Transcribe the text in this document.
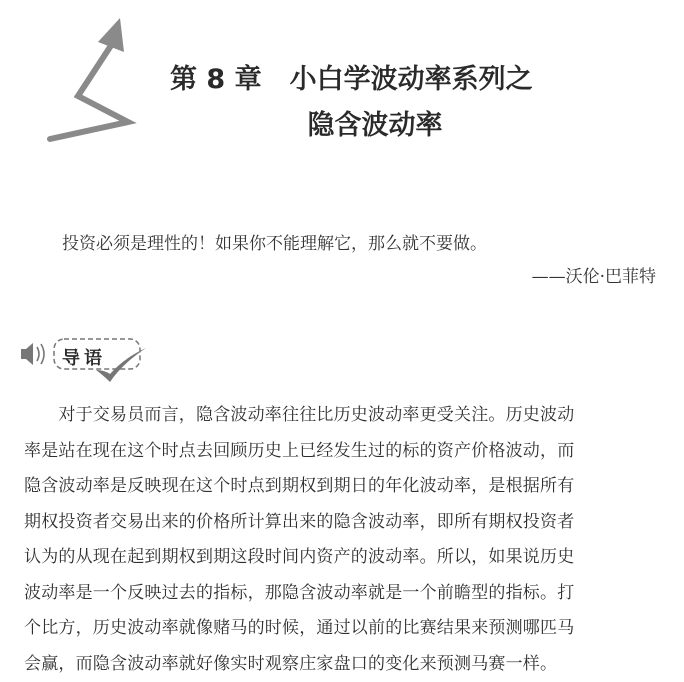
第 8 章 小白学波动率系列之
隐含波动率
投资必须是理性的！如果你不能理解它，那么就不要做。
——沃伦·巴菲特
导语
　　对于交易员而言，隐含波动率往往比历史波动率更受关注。历史波动
率是站在现在这个时点去回顾历史上已经发生过的标的资产价格波动，而
隐含波动率是反映现在这个时点到期权到期日的年化波动率，是根据所有
期权投资者交易出来的价格所计算出来的隐含波动率，即所有期权投资者
认为的从现在起到期权到期这段时间内资产的波动率。所以，如果说历史
波动率是一个反映过去的指标，那隐含波动率就是一个前瞻型的指标。打
个比方，历史波动率就像赌马的时候，通过以前的比赛结果来预测哪匹马
会赢，而隐含波动率就好像实时观察庄家盘口的变化来预测马赛一样。
